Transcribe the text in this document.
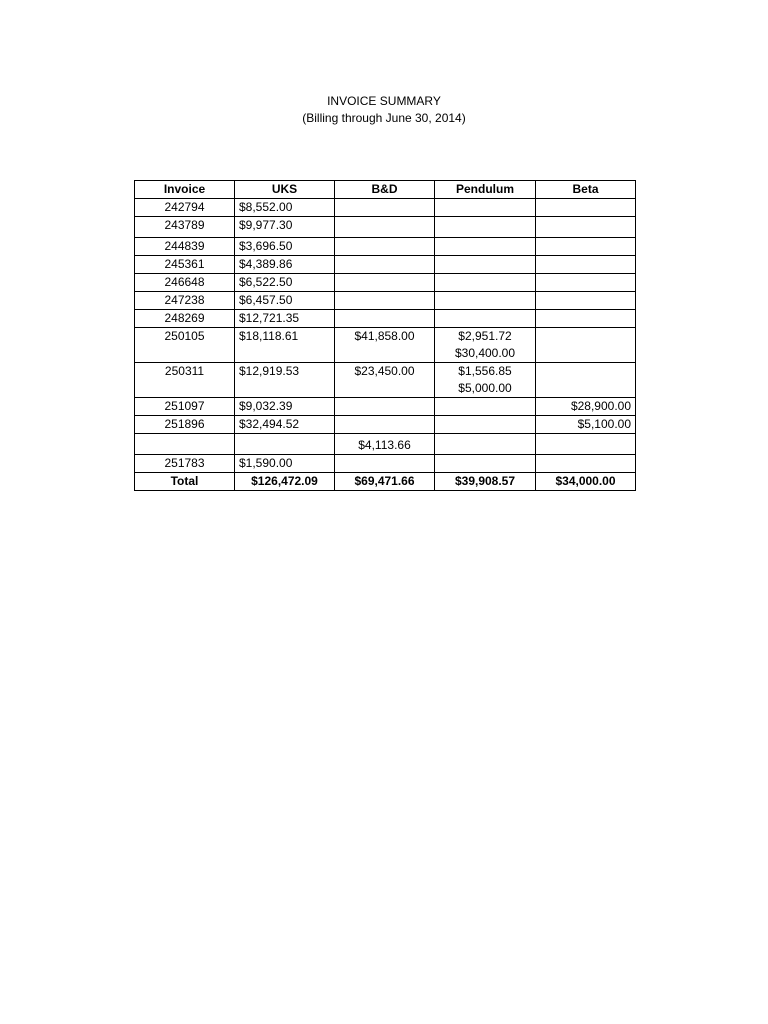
INVOICE SUMMARY
(Billing through June 30, 2014)
Invoice	UKS	B&D	Pendulum	Beta
242794	$8,552.00		

243789	$9,977.30		

244839	$3,696.50		

245361	$4,389.86		

246648	$6,522.50		

247238	$6,457.50		

248269	$12,721.35		

250105	$18,118.61	$41,858.00	$2,951.72
$30,400.00	

250311	$12,919.53	$23,450.00	$1,556.85
$5,000.00	

251097	$9,032.39			$28,900.00
251896	$32,494.52			$5,100.00
		$4,113.66	

251783	$1,590.00		

Total	$126,472.09	$69,471.66	$39,908.57	$34,000.00
